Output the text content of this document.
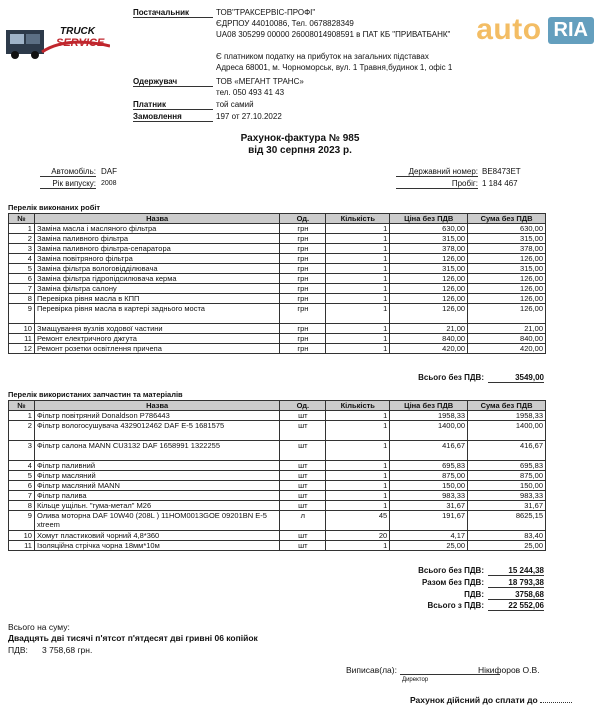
TRUCK
SERVICE	auto RIA
Постачальник	ТОВ"ТРАКСЕРВІС-ПРОФІ"
ЄДРПОУ 44010086, Тел. 0678828349
UA08 305299 00000 26008014908591 в ПАТ КБ "ПРИВАТБАНК"
Є платником податку на прибуток на загальних підставах
Адреса 68001, м. Чорноморськ, вул. 1 Травня,будинок 1, офіс 1
Одержувач	ТОВ «МЕГАНТ ТРАНС»
тел. 050 493 41 43
Платник	той самий
Замовлення	197 от 27.10.2022
Рахунок-фактура № 985
від 30 серпня 2023 р.
Автомобіль: DAF
Рік випуску: 2008
Державний номер: BE8473ET
Пробіг: 1 184 467
Перелік виконаних робіт
№	Назва	Од.	Кількість	Ціна без ПДВ	Сума без ПДВ
1	Заміна масла і масляного фільтра	грн	1	630,00	630,00
2	Заміна паливного фільтра	грн	1	315,00	315,00
3	Заміна паливного фільтра-сепаратора	грн	1	378,00	378,00
4	Заміна повітряного фільтра	грн	1	126,00	126,00
5	Заміна фільтра вологовідділювача	грн	1	315,00	315,00
6	Заміна фільтра гідропідсилювача керма	грн	1	126,00	126,00
7	Заміна фільтра салону	грн	1	126,00	126,00
8	Перевірка рівня масла в КПП	грн	1	126,00	126,00
9	Перевірка рівня масла в картері заднього моста	грн	1	126,00	126,00
10	Змащування вузлів ходової частини	грн	1	21,00	21,00
11	Ремонт електричного джгута	грн	1	840,00	840,00
12	Ремонт розетки освітлення причепа	грн	1	420,00	420,00
Всього без ПДВ:	3549,00
Перелік використаних запчастин та матеріалів
№	Назва	Од.	Кількість	Ціна без ПДВ	Сума без ПДВ
1	Фільтр повітряний Donaldson P786443	шт	1	1958,33	1958,33
2	Фільтр вологосушувача 4329012462 DAF E-5 1681575	шт	1	1400,00	1400,00
3	Фільтр салона MANN CU3132 DAF 1658991 1322255	шт	1	416,67	416,67
4	Фільтр паливний	шт	1	695,83	695,83
5	Фільтр масляний	шт	1	875,00	875,00
6	Фільтр масляний MANN	шт	1	150,00	150,00
7	Фільтр палива	шт	1	983,33	983,33
8	Кільце ущільн. "гума-метал" M26	шт	1	31,67	31,67
9	Олива моторна DAF 10W40 (208L ) 11HOM0013GOE 09201BN E-5 xtreem	л	45	191,67	8625,15
10	Хомут пластиковий чорний 4,8*360	шт	20	4,17	83,40
11	Ізоляційна стрічка чорна 18мм*10м	шт	1	25,00	25,00
Всього без ПДВ:	15 244,38
Разом без ПДВ:	18 793,38
ПДВ:	3758,68
Всього з ПДВ:	22 552,06
Всього на суму:
Двадцять дві тисячі п'ятсот п'ятдесят дві гривні 06 копійок
ПДВ: 3 758,68 грн.
Виписав(ла):	Нікифоров О.В.
Директор
Рахунок дійсний до сплати до
